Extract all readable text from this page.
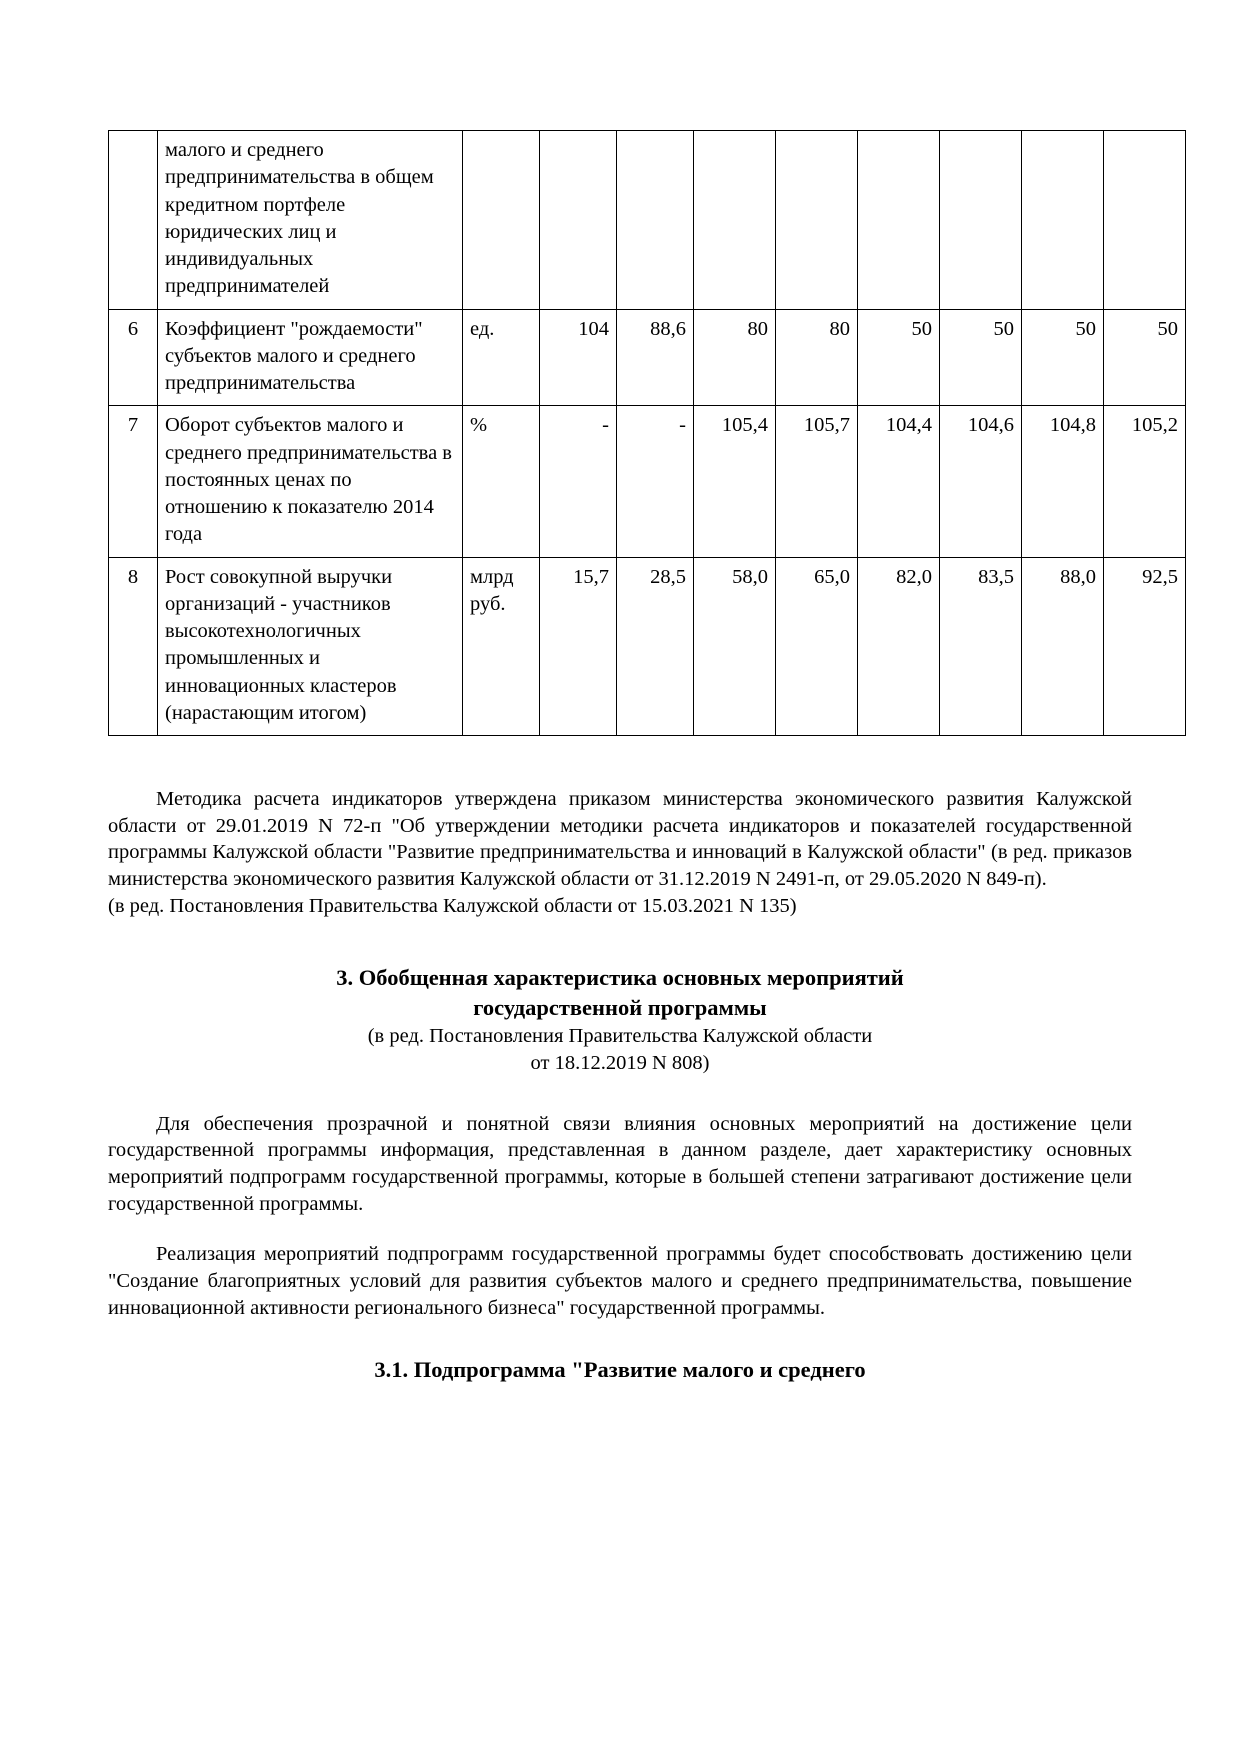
	малого и среднего предпринимательства в общем кредитном портфеле юридических лиц и индивидуальных предпринимателей									
6	Коэффициент "рождаемости" субъектов малого и среднего предпринимательства	ед.	104	88,6	80	80	50	50	50	50
7	Оборот субъектов малого и среднего предпринимательства в постоянных ценах по отношению к показателю 2014 года	%	-	-	105,4	105,7	104,4	104,6	104,8	105,2
8	Рост совокупной выручки организаций - участников высокотехнологичных промышленных и инновационных кластеров (нарастающим итогом)	млрд руб.	15,7	28,5	58,0	65,0	82,0	83,5	88,0	92,5

Методика расчета индикаторов утверждена приказом министерства экономического развития Калужской области от 29.01.2019 N 72-п "Об утверждении методики расчета индикаторов и показателей государственной программы Калужской области "Развитие предпринимательства и инноваций в Калужской области" (в ред. приказов министерства экономического развития Калужской области от 31.12.2019 N 2491-п, от 29.05.2020 N 849-п).

(в ред. Постановления Правительства Калужской области от 15.03.2021 N 135)

3. Обобщенная характеристика основных мероприятий

государственной программы

(в ред. Постановления Правительства Калужской области

от 18.12.2019 N 808)

Для обеспечения прозрачной и понятной связи влияния основных мероприятий на достижение цели государственной программы информация, представленная в данном разделе, дает характеристику основных мероприятий подпрограмм государственной программы, которые в большей степени затрагивают достижение цели государственной программы.

Реализация мероприятий подпрограмм государственной программы будет способствовать достижению цели "Создание благоприятных условий для развития субъектов малого и среднего предпринимательства, повышение инновационной активности регионального бизнеса" государственной программы.

3.1. Подпрограмма "Развитие малого и среднего
